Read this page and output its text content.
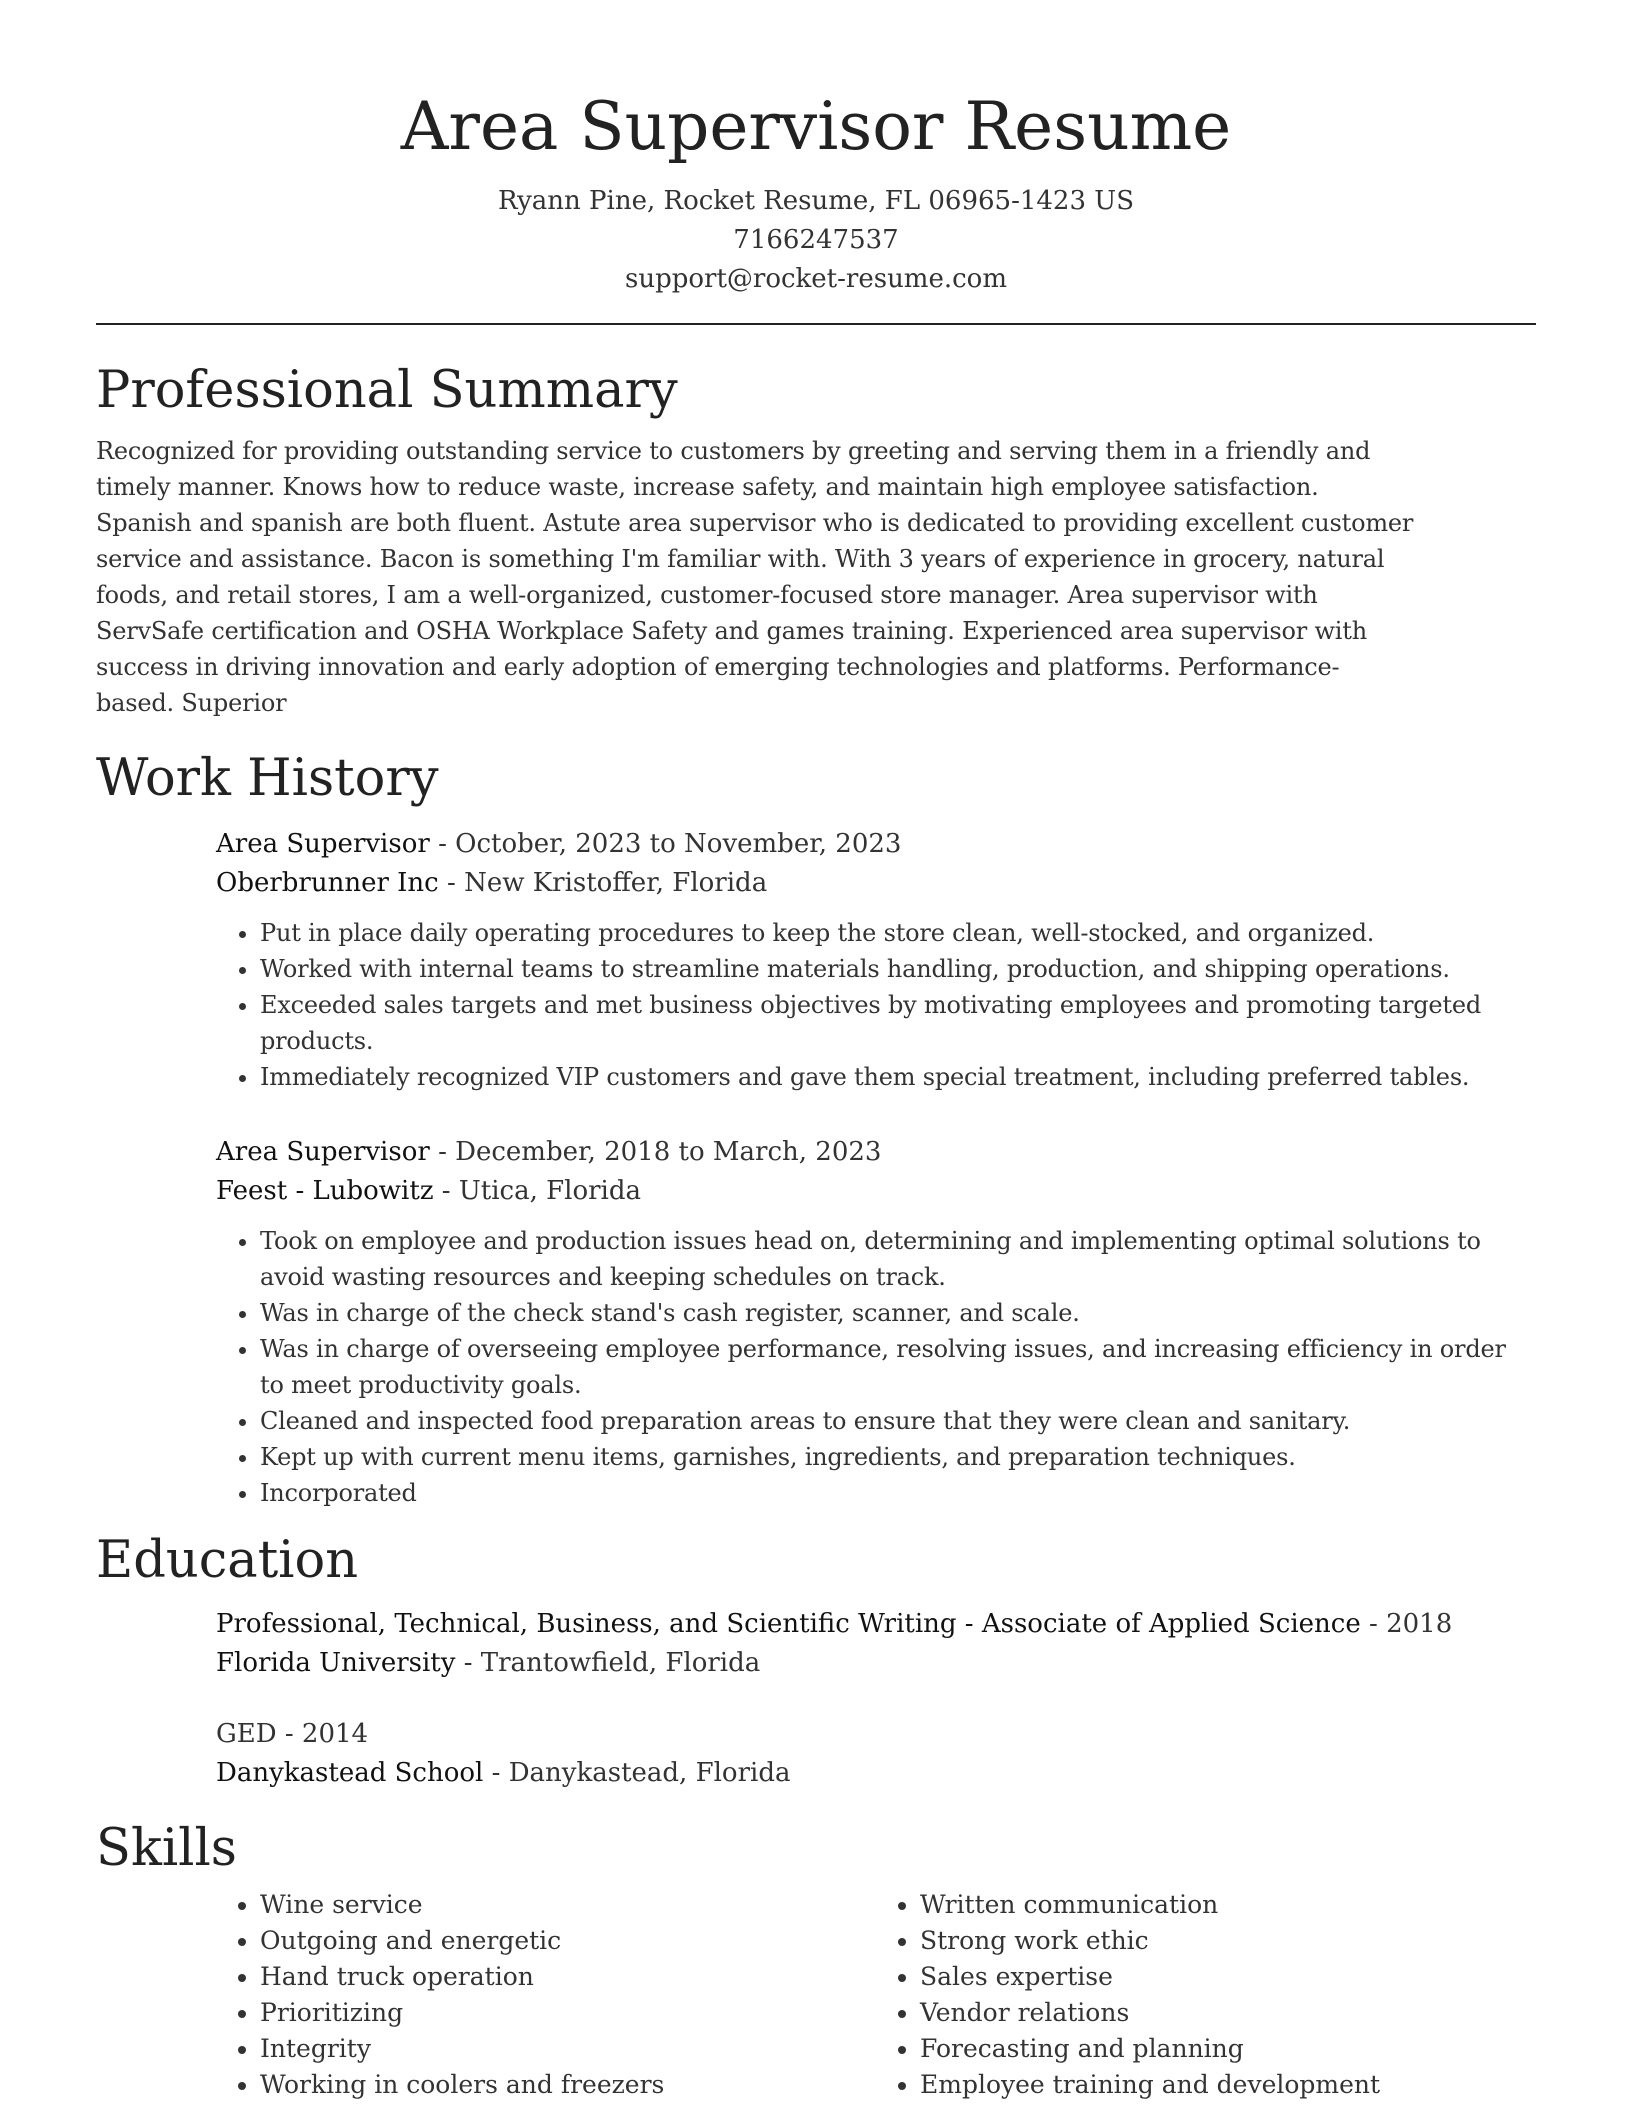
Area Supervisor Resume
Ryann Pine, Rocket Resume, FL 06965-1423 US
7166247537
support@rocket-resume.com
Professional Summary

Recognized for providing outstanding service to customers by greeting and serving them in a friendly and timely manner. Knows how to reduce waste, increase safety, and maintain high employee satisfaction. Spanish and spanish are both fluent. Astute area supervisor who is dedicated to providing excellent customer service and assistance. Bacon is something I'm familiar with. With 3 years of experience in grocery, natural foods, and retail stores, I am a well-organized, customer-focused store manager. Area supervisor with ServSafe certification and OSHA Workplace Safety and games training. Experienced area supervisor with success in driving innovation and early adoption of emerging technologies and platforms. Performance-based. Superior

Work History
Area Supervisor - October, 2023 to November, 2023
Oberbrunner Inc - New Kristoffer, Florida
• Put in place daily operating procedures to keep the store clean, well-stocked, and organized.
• Worked with internal teams to streamline materials handling, production, and shipping operations.
• Exceeded sales targets and met business objectives by motivating employees and promoting targeted products.
• Immediately recognized VIP customers and gave them special treatment, including preferred tables.
Area Supervisor - December, 2018 to March, 2023
Feest - Lubowitz - Utica, Florida
• Took on employee and production issues head on, determining and implementing optimal solutions to avoid wasting resources and keeping schedules on track.
• Was in charge of the check stand's cash register, scanner, and scale.
• Was in charge of overseeing employee performance, resolving issues, and increasing efficiency in order to meet productivity goals.
• Cleaned and inspected food preparation areas to ensure that they were clean and sanitary.
• Kept up with current menu items, garnishes, ingredients, and preparation techniques.
• Incorporated
Education
Professional, Technical, Business, and Scientific Writing - Associate of Applied Science - 2018
Florida University - Trantowfield, Florida
GED - 2014
Danykastead School - Danykastead, Florida
Skills
• Wine service
• Outgoing and energetic
• Hand truck operation
• Prioritizing
• Integrity
• Working in coolers and freezers
• Written communication
• Strong work ethic
• Sales expertise
• Vendor relations
• Forecasting and planning
• Employee training and development
